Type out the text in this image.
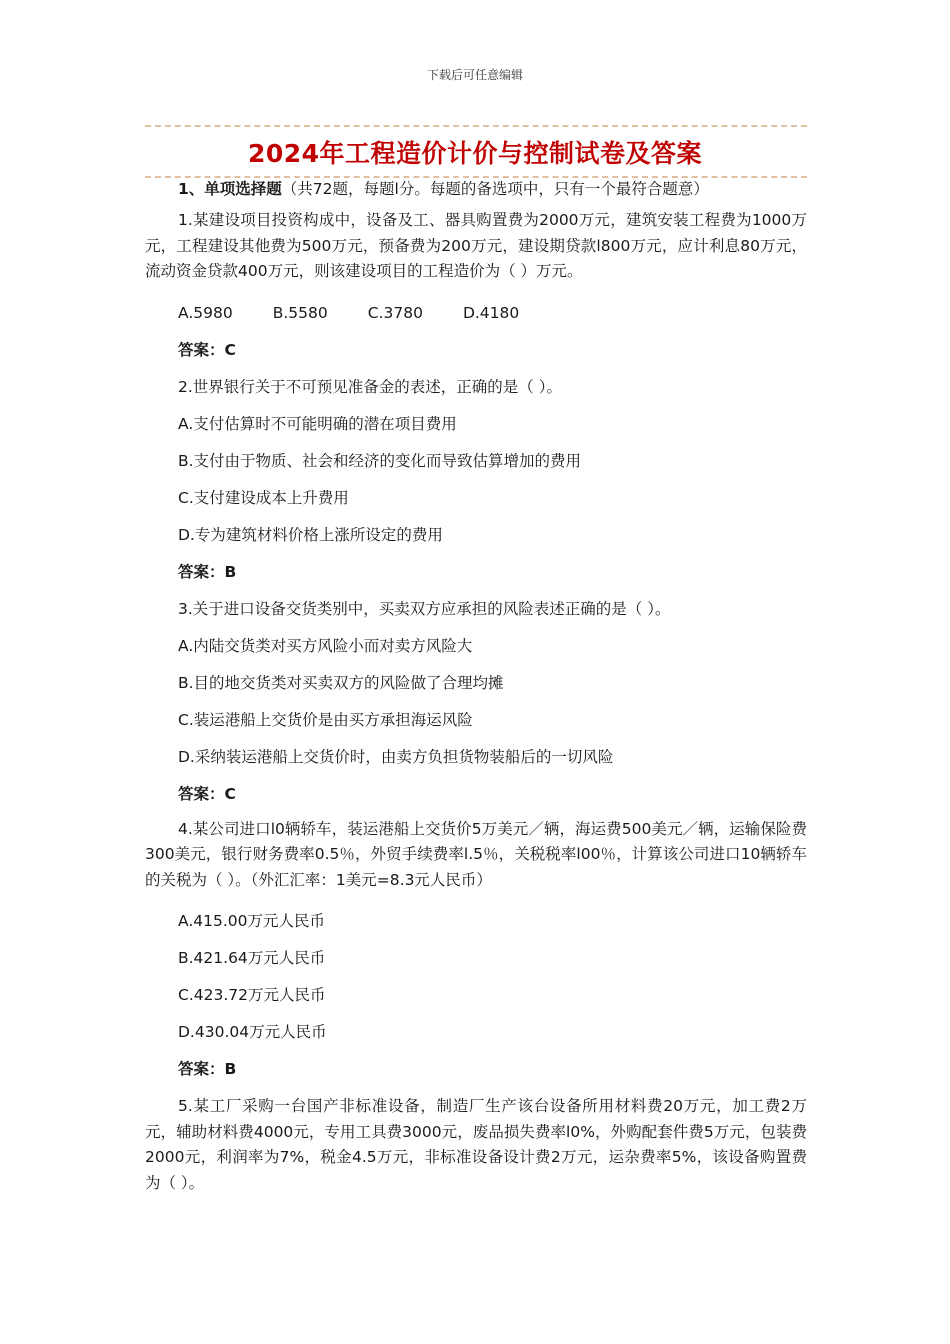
下载后可任意编辑
2024年工程造价计价与控制试卷及答案

1、单项选择题（共72题，每题l分。每题的备选项中，只有一个最符合题意）

1.某建设项目投资构成中，设备及工、器具购置费为2000万元，建筑安装工程费为1000万元，工程建设其他费为500万元，预备费为200万元，建设期贷款l800万元，应计利息80万元，流动资金贷款400万元，则该建设项目的工程造价为（ ）万元。

A.5980	B.5580	C.3780	D.4180

答案：C

2.世界银行关于不可预见准备金的表述，正确的是（ ）。

A.支付估算时不可能明确的潜在项目费用

B.支付由于物质、社会和经济的变化而导致估算增加的费用

C.支付建设成本上升费用

D.专为建筑材料价格上涨所设定的费用

答案：B

3.关于进口设备交货类别中，买卖双方应承担的风险表述正确的是（ ）。

A.内陆交货类对买方风险小而对卖方风险大

B.目的地交货类对买卖双方的风险做了合理均摊

C.装运港船上交货价是由买方承担海运风险

D.采纳装运港船上交货价时，由卖方负担货物装船后的一切风险

答案：C

4.某公司进口l0辆轿车，装运港船上交货价5万美元／辆，海运费500美元／辆，运输保险费300美元，银行财务费率0.5％，外贸手续费率l.5％，关税税率l00％，计算该公司进口10辆轿车的关税为（ ）。（外汇汇率：1美元=8.3元人民币）

A.415.00万元人民币

B.421.64万元人民币

C.423.72万元人民币

D.430.04万元人民币

答案：B

5.某工厂采购一台国产非标准设备，制造厂生产该台设备所用材料费20万元，加工费2万元，辅助材料费4000元，专用工具费3000元，废品损失费率l0%，外购配套件费5万元，包装费2000元，利润率为7%，税金4.5万元，非标准设备设计费2万元，运杂费率5%，该设备购置费为（ ）。
